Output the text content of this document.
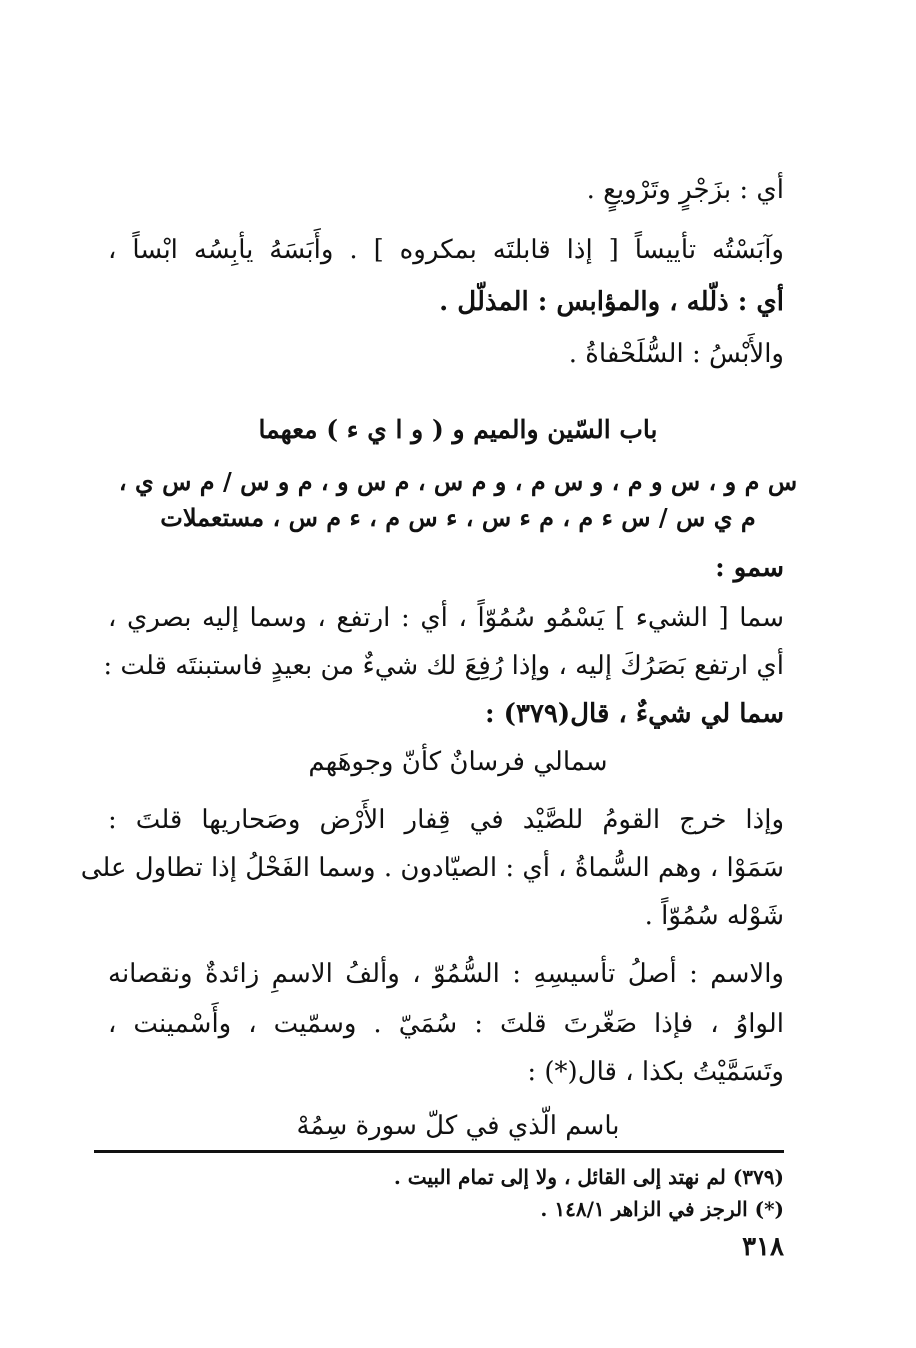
أي : بزَجْرٍ وتَرْويعٍ .
وآبَسْتُه تأييساً [ إذا قابلتَه بمكروه ] . وأَبَسَهُ يأبِسُه ابْساً ،
أي : ذلّله ، والمؤابس : المذلّل .
والأَبْسُ : السُّلَحْفاةُ .
باب السّين والميم و ( و ا ي ء ) معهما
س م و ، س و م ، و س م ، و م س ، م س و ، م و س / م س ي ،
م ي س / س ء م ، م ء س ، ء س م ، ء م س ، مستعملات
سمو :
سما [ الشيء ] يَسْمُو سُمُوّاً ، أي : ارتفع ، وسما إليه بصري ،
أي ارتفع بَصَرُكَ إليه ، وإذا رُفِعَ لك شيءٌ من بعيدٍ فاستبنتَه قلت :
سما لي شيءٌ ، قال(٣٧٩) :
سمالي فرسانٌ كأنّ وجوهَهم
وإذا خرج القومُ للصَّيْد في قِفار الأَرْض وصَحاريها قلتَ :
سَمَوْا ، وهم السُّماةُ ، أي : الصيّادون . وسما الفَحْلُ إذا تطاول على
شَوْله سُمُوّاً .
والاسم : أصلُ تأسيسِهِ : السُّمُوّ ، وألفُ الاسمِ زائدةٌ ونقصانه
الواوُ ، فإذا صَغّرتَ قلتَ : سُمَيّ . وسمّيت ، وأَسْمينت ،
وتَسَمَّيْتُ بكذا ، قال(*) :
باسم الّذي في كلّ سورة سِمُهْ
(٣٧٩) لم نهتد إلى القائل ، ولا إلى تمام البيت .
(*) الرجز في الزاهر ١٤٨/١ .
٣١٨
